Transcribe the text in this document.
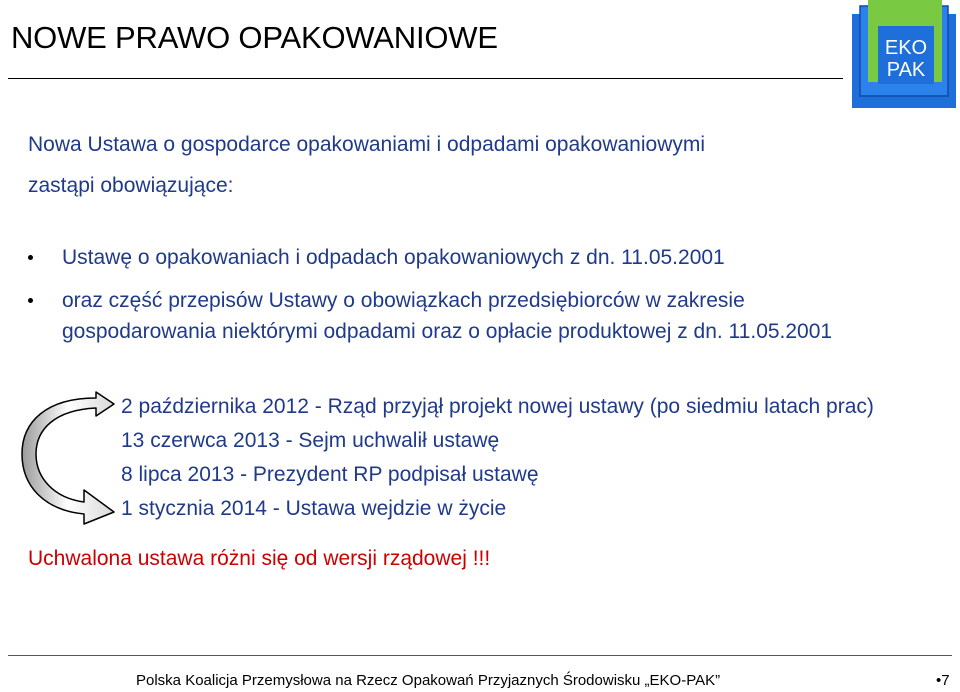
NOWE PRAWO OPAKOWANIOWE	EKO
PAK
Nowa Ustawa o gospodarce opakowaniami i odpadami opakowaniowymi
zastąpi obowiązujące:
Ustawę o opakowaniach i odpadach opakowaniowych z dn. 11.05.2001
oraz część przepisów Ustawy o obowiązkach przedsiębiorców w zakresie
gospodarowania niektórymi odpadami oraz o opłacie produktowej z dn. 11.05.2001
2 października 2012 - Rząd przyjął projekt nowej ustawy (po siedmiu latach prac)
13 czerwca 2013 - Sejm uchwalił ustawę
8 lipca 2013 - Prezydent RP podpisał ustawę
1 stycznia 2014 - Ustawa wejdzie w życie
Uchwalona ustawa różni się od wersji rządowej !!!
Polska Koalicja Przemysłowa na Rzecz Opakowań Przyjaznych Środowisku „EKO-PAK”	•7
